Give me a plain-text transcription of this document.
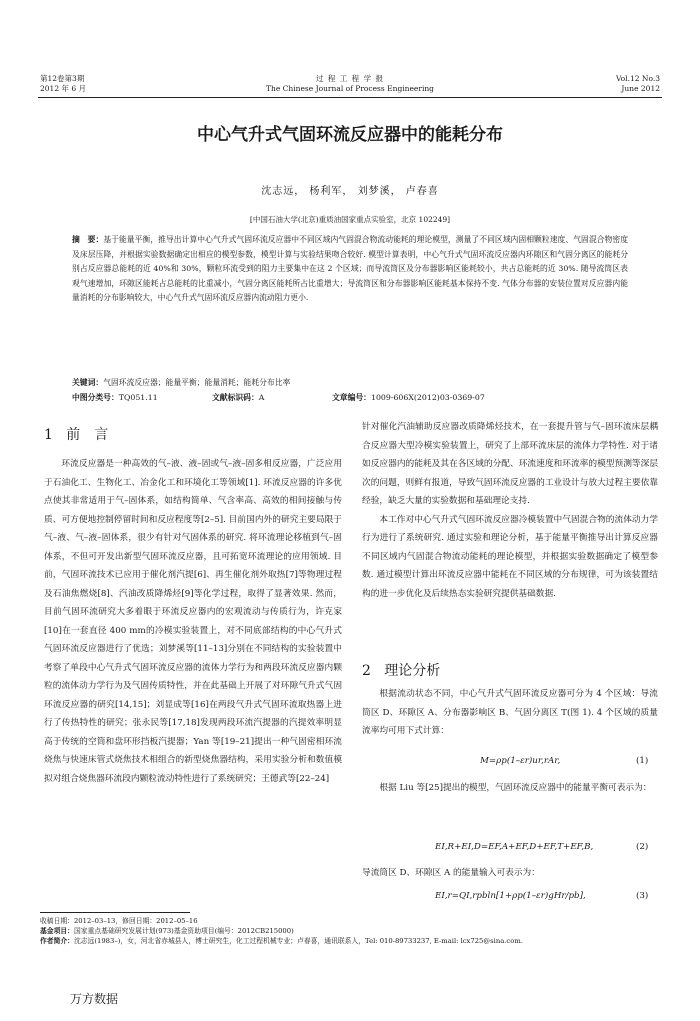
第12卷第3期
2012 年 6 月
过 程 工 程 学 报
The Chinese Journal of Process Engineering
Vol.12 No.3
June 2012
中心气升式气固环流反应器中的能耗分布
沈志远， 杨利军， 刘梦溪， 卢春喜
[中国石油大学(北京)重质油国家重点实验室，北京 102249]
摘　要：基于能量平衡，推导出计算中心气升式气固环流反应器中不同区域内气固混合物流动能耗的理论模型，测量了不同区域内固相颗粒速度、气固混合物密度及床层压降，并根据实验数据确定出相应的模型参数，模型计算与实验结果吻合较好. 模型计算表明，中心气升式气固环流反应器内环隙区和气固分离区的能耗分别占反应器总能耗的近 40%和 30%，颗粒环流受到的阻力主要集中在这 2 个区域；而导流筒区及分布器影响区能耗较小，共占总能耗的近 30%. 随导流筒区表观气速增加，环隙区能耗占总能耗的比重减小，气固分离区能耗所占比重增大；导流筒区和分布器影响区能耗基本保持不变. 气体分布器的安装位置对反应器内能量消耗的分布影响较大，中心气升式气固环流反应器内流动阻力更小.
关键词：气固环流反应器；能量平衡；能量消耗；能耗分布比率
中图分类号：TQ051.11	文献标识码：A	文章编号：1009-606X(2012)03-0369-07
1 前　言

环流反应器是一种高效的气–液、液–固或气–液–固多相反应器，广泛应用于石油化工、生物化工、冶金化工和环境化工等领域[1]. 环流反应器的许多优点使其非常适用于气–固体系，如结构简单、气含率高、高效的相间接触与传质、可方便地控制停留时间和反应程度等[2–5]. 目前国内外的研究主要局限于气–液、气–液–固体系，很少有针对气固体系的研究. 将环流理论移植到气–固体系，不但可开发出新型气固环流反应器，且可拓宽环流理论的应用领域. 目前，气固环流技术已应用于催化剂汽提[6]、再生催化剂外取热[7]等物理过程及石油焦燃烧[8]、汽油改质降烯烃[9]等化学过程，取得了显著效果. 然而，目前气固环流研究大多着眼于环流反应器内的宏观流动与传质行为，许克家[10]在一套直径 400 mm的冷模实验装置上，对不同底部结构的中心气升式气固环流反应器进行了优选；刘梦溪等[11–13]分别在不同结构的实验装置中考察了单段中心气升式气固环流反应器的流体力学行为和两段环流反应器内颗粒的流体动力学行为及气固传质特性，并在此基础上开展了对环隙气升式气固环流反应器的研究[14,15]；刘显成等[16]在两段气升式气固环流取热器上进行了传热特性的研究；张永民等[17,18]发现两段环流汽提器的汽提效率明显高于传统的空筒和盘环形挡板汽提器；Yan 等[19–21]提出一种气固密相环流烧焦与快速床管式烧焦技术相组合的新型烧焦器结构，采用实验分析和数值模拟对组合烧焦器环流段内颗粒流动特性进行了系统研究；王德武等[22–24]

针对催化汽油辅助反应器改质降烯烃技术，在一套提升管与气–固环流床层耦合反应器大型冷模实验装置上，研究了上部环流床层的流体力学特性. 对于诸如反应器内的能耗及其在各区域的分配、环流速度和环流率的模型预测等深层次的问题，则鲜有报道，导致气固环流反应器的工业设计与放大过程主要依靠经验，缺乏大量的实验数据和基础理论支持.

本工作对中心气升式气固环流反应器冷模装置中气固混合物的流体动力学行为进行了系统研究. 通过实验和理论分析，基于能量平衡推导出计算反应器不同区域内气固混合物流动能耗的理论模型，并根据实验数据确定了模型参数. 通过模型计算出环流反应器中能耗在不同区域的分布规律，可为该装置结构的进一步优化及后续热态实验研究提供基础数据.

2 理论分析

根据流动状态不同，中心气升式气固环流反应器可分为 4 个区域：导流筒区 D、环隙区 A、分布器影响区 B、气固分离区 T(图 1). 4 个区域的质量流率均可用下式计算：

M=ρp(1–εr)ur,rAr,	(1)

根据 Liu 等[25]提出的模型，气固环流反应器中的能量平衡可表示为：

EI,R+EI,D=EF,A+EF,D+EF,T+EF,B,	(2)

导流筒区 D、环隙区 A 的能量输入可表示为：

EI,r=QI,rpbln[1+ρp(1–εr)gHr/pb],	(3)
收稿日期：2012–03–13，修回日期：2012–05–16
基金项目：国家重点基础研究发展计划(973)基金资助项目(编号：2012CB215000)
作者简介：沈志远(1983–)，女，河北省赤城县人，博士研究生，化工过程机械专业；卢春喜，通讯联系人，Tel: 010-89733237, E-mail: lcx725@sina.com.
万方数据
